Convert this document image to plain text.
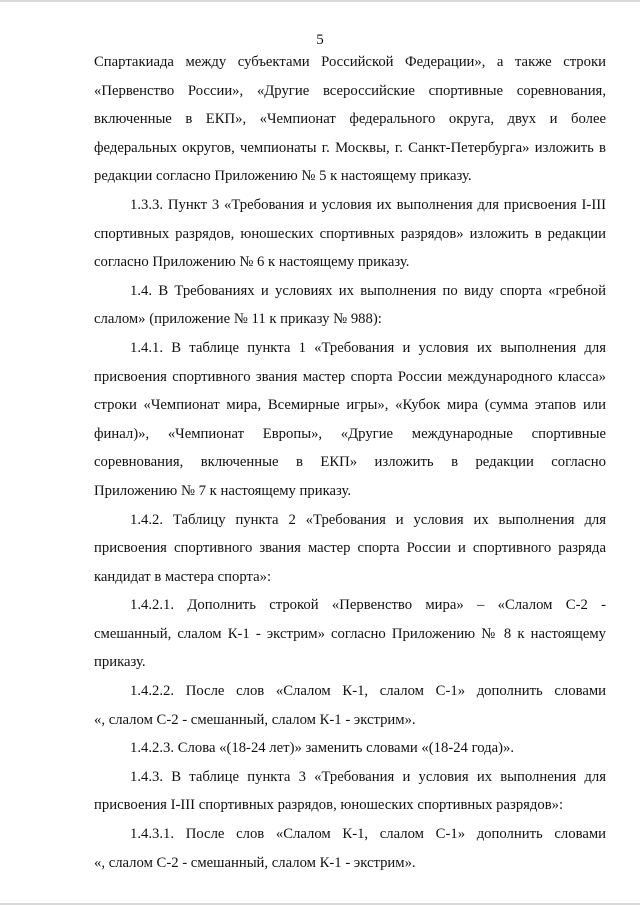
5

Спартакиада между субъектами Российской Федерации», а также строки
«Первенство России», «Другие всероссийские спортивные соревнования,
включенные в ЕКП», «Чемпионат федерального округа, двух и более
федеральных округов, чемпионаты г. Москвы, г. Санкт-Петербурга» изложить в
редакции согласно Приложению № 5 к настоящему приказу.

1.3.3. Пункт 3 «Требования и условия их выполнения для присвоения I-III
спортивных разрядов, юношеских спортивных разрядов» изложить в редакции
согласно Приложению № 6 к настоящему приказу.

1.4. В Требованиях и условиях их выполнения по виду спорта «гребной
слалом» (приложение № 11 к приказу № 988):

1.4.1. В таблице пункта 1 «Требования и условия их выполнения для
присвоения спортивного звания мастер спорта России международного класса»
строки «Чемпионат мира, Всемирные игры», «Кубок мира (сумма этапов или
финал)», «Чемпионат Европы», «Другие международные спортивные
соревнования, включенные в ЕКП» изложить в редакции согласно
Приложению № 7 к настоящему приказу.

1.4.2. Таблицу пункта 2 «Требования и условия их выполнения для
присвоения спортивного звания мастер спорта России и спортивного разряда
кандидат в мастера спорта»:

1.4.2.1. Дополнить строкой «Первенство мира» – «Слалом С-2 -
смешанный, слалом К-1 - экстрим» согласно Приложению № 8 к настоящему
приказу.

1.4.2.2. После слов «Слалом К-1, слалом С-1» дополнить словами
«, слалом С-2 - смешанный, слалом К-1 - экстрим».

1.4.2.3. Слова «(18-24 лет)» заменить словами «(18-24 года)».

1.4.3. В таблице пункта 3 «Требования и условия их выполнения для
присвоения I-III спортивных разрядов, юношеских спортивных разрядов»:

1.4.3.1. После слов «Слалом К-1, слалом С-1» дополнить словами
«, слалом С-2 - смешанный, слалом К-1 - экстрим».
